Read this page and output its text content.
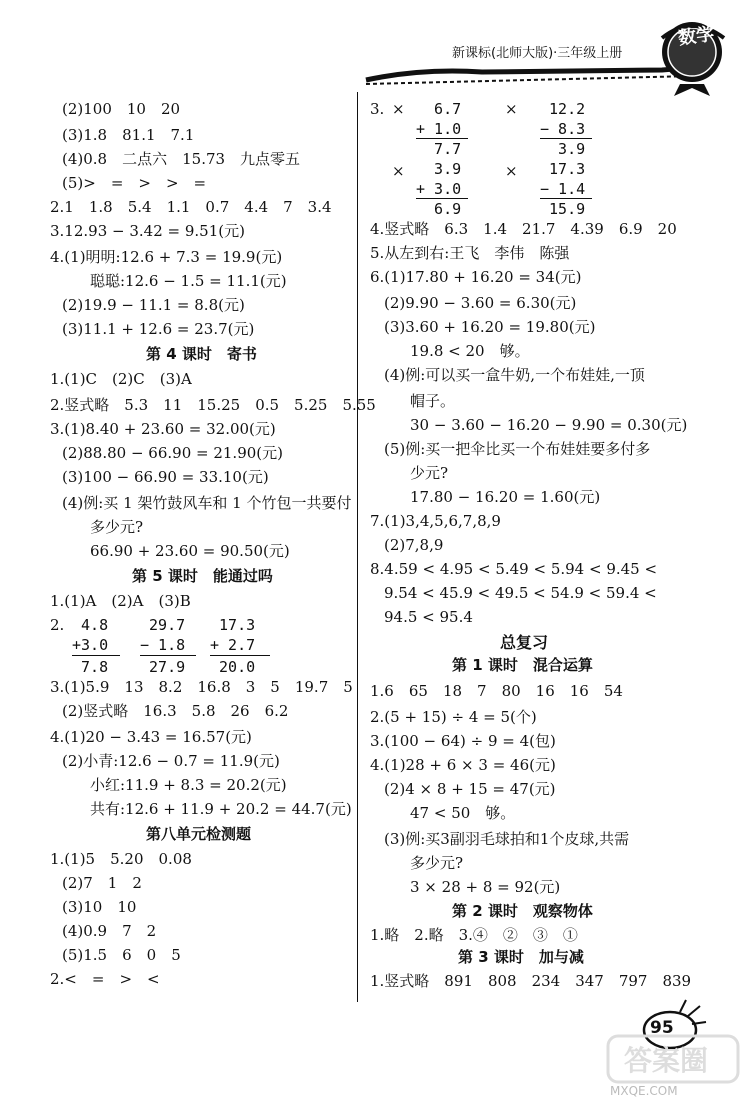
新课标(北师大版)·三年级上册
数学
(2)100　10　20
(3)1.8　81.1　7.1
(4)0.8　二点六　15.73　九点零五
(5)>　=　>　>　=
2.1　1.8　5.4　1.1　0.7　4.4　7　3.4
3.12.93 − 3.42 = 9.51(元)
4.(1)明明:12.6 + 7.3 = 19.9(元)
聪聪:12.6 − 1.5 = 11.1(元)
(2)19.9 − 11.1 = 8.8(元)
(3)11.1 + 12.6 = 23.7(元)
第 4 课时　寄书
1.(1)C　(2)C　(3)A
2.竖式略　5.3　11　15.25　0.5　5.25　5.55
3.(1)8.40 + 23.60 = 32.00(元)
(2)88.80 − 66.90 = 21.90(元)
(3)100 − 66.90 = 33.10(元)
(4)例:买 1 架竹鼓风车和 1 个竹包一共要付
多少元?
66.90 + 23.60 = 90.50(元)
第 5 课时　能通过吗
1.(1)A　(2)A　(3)B
2. 4.8
+3.0
7.8
29.7
− 1.8
27.9
17.3
+ 2.7
20.0
3.(1)5.9　13　8.2　16.8　3　5　19.7　5
(2)竖式略　16.3　5.8　26　6.2
4.(1)20 − 3.43 = 16.57(元)
(2)小青:12.6 − 0.7 = 11.9(元)
小红:11.9 + 8.3 = 20.2(元)
共有:12.6 + 11.9 + 20.2 = 44.7(元)
第八单元检测题
1.(1)5　5.20　0.08
(2)7　1　2
(3)10　10
(4)0.9　7　2
(5)1.5　6　0　5
2.<　=　>　<
3. × 6.7
+ 1.0
7.7
× 12.2
− 8.3
3.9
× 3.9
+ 3.0
6.9
× 17.3
− 1.4
15.9
4.竖式略　6.3　1.4　21.7　4.39　6.9　20
5.从左到右:王飞　李伟　陈强
6.(1)17.80 + 16.20 = 34(元)
(2)9.90 − 3.60 = 6.30(元)
(3)3.60 + 16.20 = 19.80(元)
19.8 < 20　够。
(4)例:可以买一盒牛奶,一个布娃娃,一顶
帽子。
30 − 3.60 − 16.20 − 9.90 = 0.30(元)
(5)例:买一把伞比买一个布娃娃要多付多
少元?
17.80 − 16.20 = 1.60(元)
7.(1)3,4,5,6,7,8,9
(2)7,8,9
8.4.59 < 4.95 < 5.49 < 5.94 < 9.45 <
9.54 < 45.9 < 49.5 < 54.9 < 59.4 <
94.5 < 95.4
总复习
第 1 课时　混合运算
1.6　65　18　7　80　16　16　54
2.(5 + 15) ÷ 4 = 5(个)
3.(100 − 64) ÷ 9 = 4(包)
4.(1)28 + 6 × 3 = 46(元)
(2)4 × 8 + 15 = 47(元)
47 < 50　够。
(3)例:买3副羽毛球拍和1个皮球,共需
多少元?
3 × 28 + 8 = 92(元)
第 2 课时　观察物体
1.略　2.略　3.④　②　③　①
第 3 课时　加与减
1.竖式略　891　808　234　347　797　839
95
答案圈
MXQE.COM
